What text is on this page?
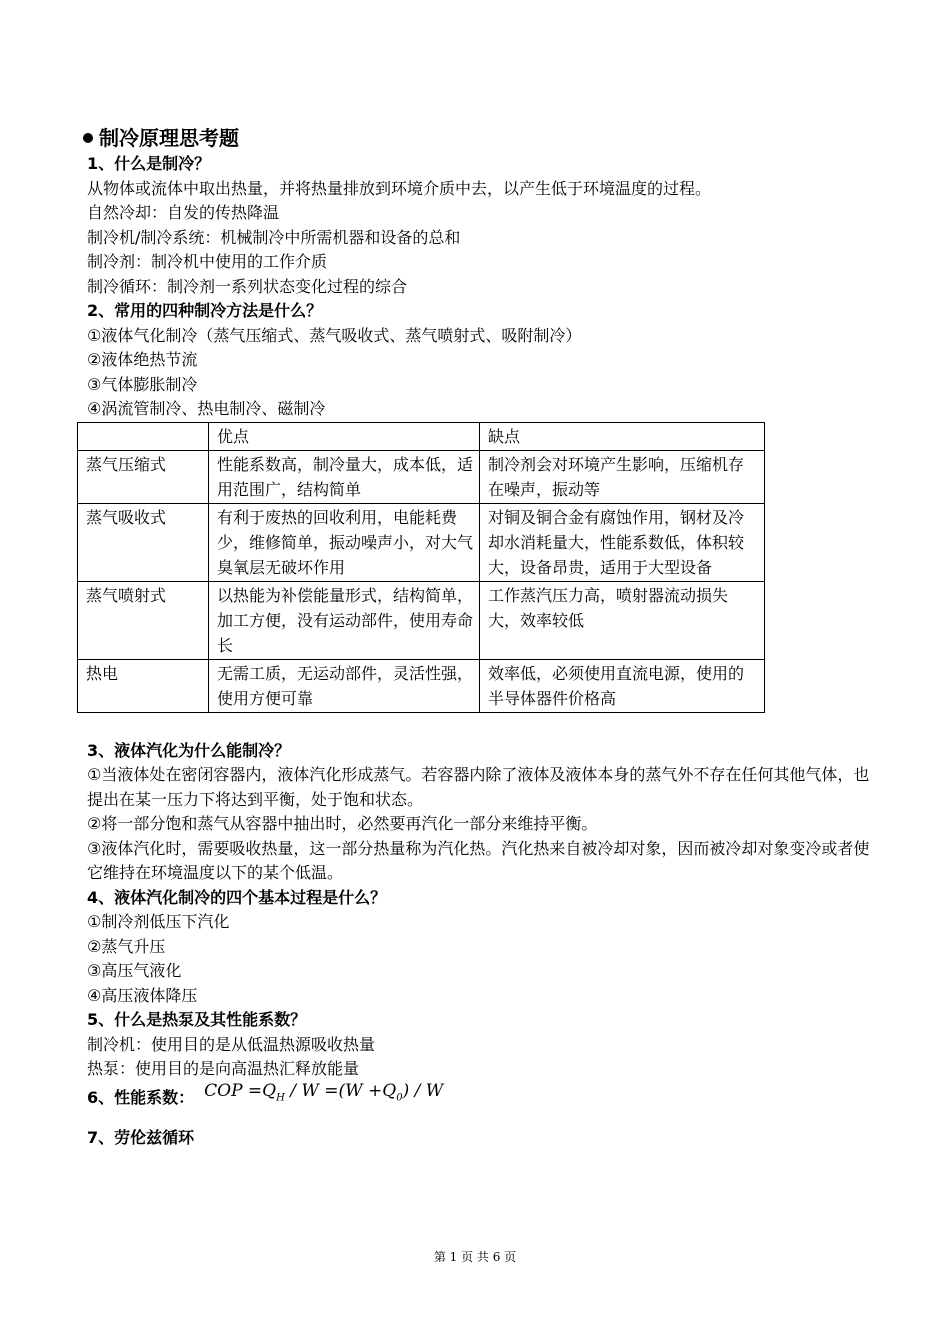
制冷原理思考题
1、什么是制冷？
从物体或流体中取出热量，并将热量排放到环境介质中去，以产生低于环境温度的过程。
自然冷却：自发的传热降温
制冷机/制冷系统：机械制冷中所需机器和设备的总和
制冷剂：制冷机中使用的工作介质
制冷循环：制冷剂一系列状态变化过程的综合
2、常用的四种制冷方法是什么？
①液体气化制冷（蒸气压缩式、蒸气吸收式、蒸气喷射式、吸附制冷）
②液体绝热节流
③气体膨胀制冷
④涡流管制冷、热电制冷、磁制冷
	优点	缺点
蒸气压缩式	性能系数高，制冷量大，成本低，适用范围广，结构简单	制冷剂会对环境产生影响，压缩机存在噪声，振动等
蒸气吸收式	有利于废热的回收利用，电能耗费少，维修简单，振动噪声小，对大气臭氧层无破坏作用	对铜及铜合金有腐蚀作用，钢材及冷却水消耗量大，性能系数低，体积较大，设备昂贵，适用于大型设备
蒸气喷射式	以热能为补偿能量形式，结构简单，加工方便，没有运动部件，使用寿命长	工作蒸汽压力高，喷射器流动损失大，效率较低
热电	无需工质，无运动部件，灵活性强，使用方便可靠	效率低，必须使用直流电源，使用的半导体器件价格高
3、液体汽化为什么能制冷？
①当液体处在密闭容器内，液体汽化形成蒸气。若容器内除了液体及液体本身的蒸气外不存在任何其他气体，也提出在某一压力下将达到平衡，处于饱和状态。
②将一部分饱和蒸气从容器中抽出时，必然要再汽化一部分来维持平衡。
③液体汽化时，需要吸收热量，这一部分热量称为汽化热。汽化热来自被冷却对象，因而被冷却对象变冷或者使它维持在环境温度以下的某个低温。
4、液体汽化制冷的四个基本过程是什么？
①制冷剂低压下汽化
②蒸气升压
③高压气液化
④高压液体降压
5、什么是热泵及其性能系数？
制冷机：使用目的是从低温热源吸收热量
热泵：使用目的是向高温热汇释放能量
6、性能系数： COP $=Q_H / W =(W +Q_0) / W$
7、劳伦兹循环
第 1 页 共 6 页
